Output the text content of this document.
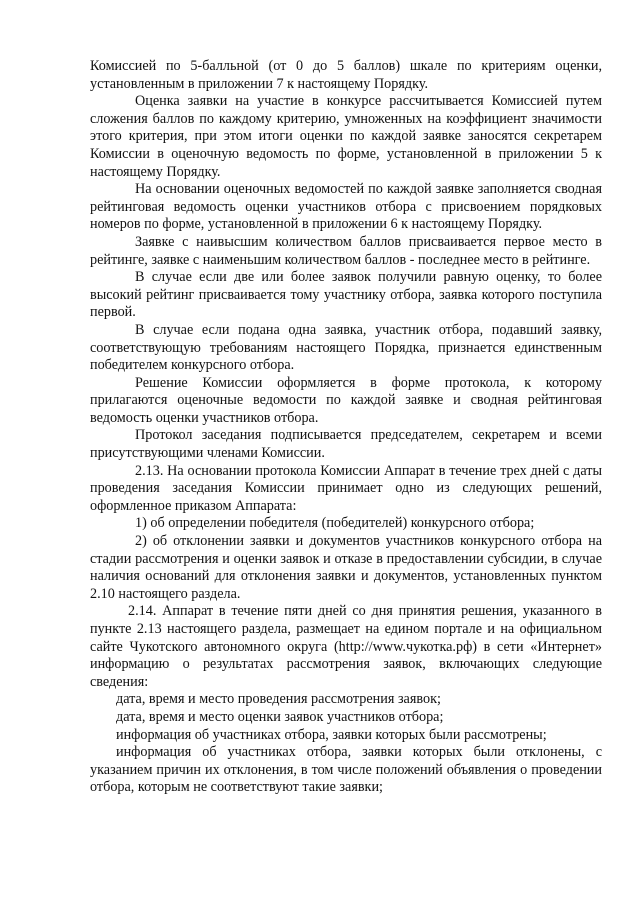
Комиссией по 5-балльной (от 0 до 5 баллов) шкале по критериям оценки, установленным в приложении 7 к настоящему Порядку.

Оценка заявки на участие в конкурсе рассчитывается Комиссией путем сложения баллов по каждому критерию, умноженных на коэффициент значимости этого критерия, при этом итоги оценки по каждой заявке заносятся секретарем Комиссии в оценочную ведомость по форме, установленной в приложении 5 к настоящему Порядку.

На основании оценочных ведомостей по каждой заявке заполняется сводная рейтинговая ведомость оценки участников отбора с присвоением порядковых номеров по форме, установленной в приложении 6 к настоящему Порядку.

Заявке с наивысшим количеством баллов присваивается первое место в рейтинге, заявке с наименьшим количеством баллов - последнее место в рейтинге.

В случае если две или более заявок получили равную оценку, то более высокий рейтинг присваивается тому участнику отбора, заявка которого поступила первой.

В случае если подана одна заявка, участник отбора, подавший заявку, соответствующую требованиям настоящего Порядка, признается единственным победителем конкурсного отбора.

Решение Комиссии оформляется в форме протокола, к которому прилагаются оценочные ведомости по каждой заявке и сводная рейтинговая ведомость оценки участников отбора.

Протокол заседания подписывается председателем, секретарем и всеми присутствующими членами Комиссии.

2.13. На основании протокола Комиссии Аппарат в течение трех дней с даты проведения заседания Комиссии принимает одно из следующих решений, оформленное приказом Аппарата:

1) об определении победителя (победителей) конкурсного отбора;

2) об отклонении заявки и документов участников конкурсного отбора на стадии рассмотрения и оценки заявок и отказе в предоставлении субсидии, в случае наличия оснований для отклонения заявки и документов, установленных пунктом 2.10 настоящего раздела.

2.14. Аппарат в течение пяти дней со дня принятия решения, указанного в пункте 2.13 настоящего раздела, размещает на едином портале и на официальном сайте Чукотского автономного округа (http://www.чукотка.рф) в сети «Интернет» информацию о результатах рассмотрения заявок, включающих следующие сведения:

дата, время и место проведения рассмотрения заявок;

дата, время и место оценки заявок участников отбора;

информация об участниках отбора, заявки которых были рассмотрены;

информация об участниках отбора, заявки которых были отклонены, с указанием причин их отклонения, в том числе положений объявления о проведении отбора, которым не соответствуют такие заявки;
